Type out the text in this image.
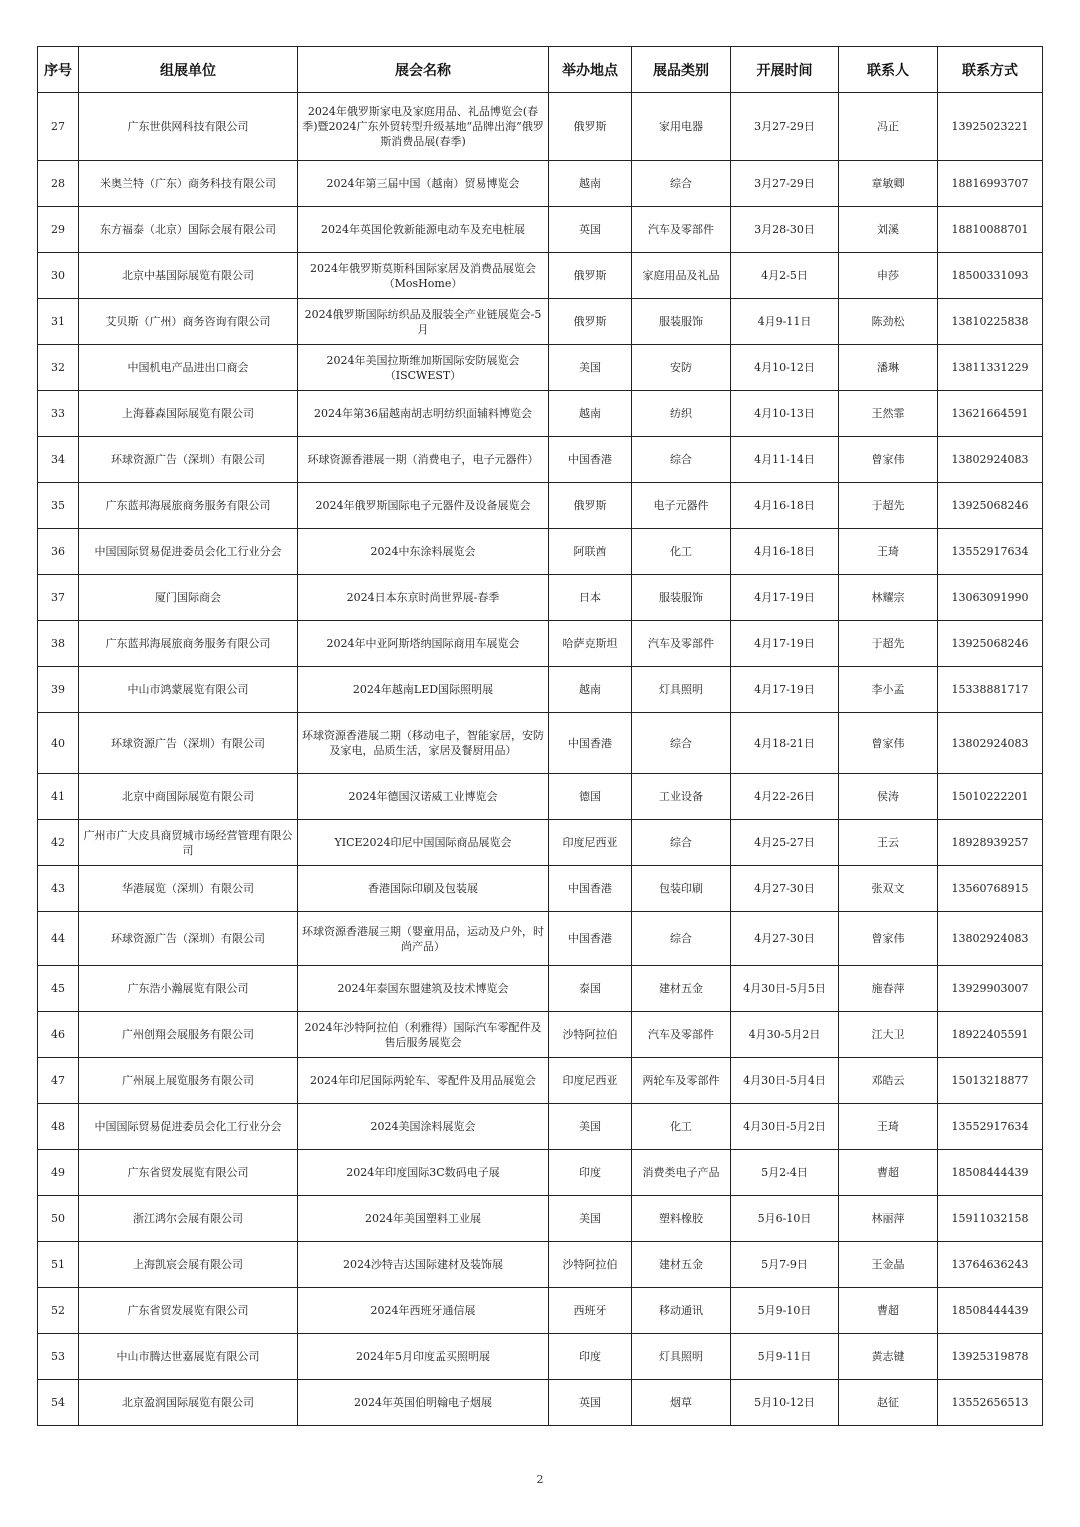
序号	组展单位	展会名称	举办地点	展品类别	开展时间	联系人	联系方式
27	广东世供网科技有限公司	2024年俄罗斯家电及家庭用品、礼品博览会(春季)暨2024广东外贸转型升级基地“品牌出海”俄罗斯消费品展(春季)	俄罗斯	家用电器	3月27-29日	冯正	13925023221
28	米奥兰特（广东）商务科技有限公司	2024年第三届中国（越南）贸易博览会	越南	综合	3月27-29日	章敏卿	18816993707
29	东方福泰（北京）国际会展有限公司	2024年英国伦敦新能源电动车及充电桩展	英国	汽车及零部件	3月28-30日	刘溪	18810088701
30	北京中基国际展览有限公司	2024年俄罗斯莫斯科国际家居及消费品展览会（MosHome）	俄罗斯	家庭用品及礼品	4月2-5日	申莎	18500331093
31	艾贝斯（广州）商务咨询有限公司	2024俄罗斯国际纺织品及服装全产业链展览会-5月	俄罗斯	服装服饰	4月9-11日	陈劲松	13810225838
32	中国机电产品进出口商会	2024年美国拉斯维加斯国际安防展览会（ISCWEST）	美国	安防	4月10-12日	潘琳	13811331229
33	上海暮森国际展览有限公司	2024年第36届越南胡志明纺织面辅料博览会	越南	纺织	4月10-13日	王然霏	13621664591
34	环球资源广告（深圳）有限公司	环球资源香港展一期（消费电子，电子元器件）	中国香港	综合	4月11-14日	曾家伟	13802924083
35	广东蓝邦海展旅商务服务有限公司	2024年俄罗斯国际电子元器件及设备展览会	俄罗斯	电子元器件	4月16-18日	于超先	13925068246
36	中国国际贸易促进委员会化工行业分会	2024中东涂料展览会	阿联酋	化工	4月16-18日	王琦	13552917634
37	厦门国际商会	2024日本东京时尚世界展-春季	日本	服装服饰	4月17-19日	林耀宗	13063091990
38	广东蓝邦海展旅商务服务有限公司	2024年中亚阿斯塔纳国际商用车展览会	哈萨克斯坦	汽车及零部件	4月17-19日	于超先	13925068246
39	中山市鸿蒙展览有限公司	2024年越南LED国际照明展	越南	灯具照明	4月17-19日	李小孟	15338881717
40	环球资源广告（深圳）有限公司	环球资源香港展二期（移动电子，智能家居，安防及家电，品质生活，家居及餐厨用品）	中国香港	综合	4月18-21日	曾家伟	13802924083
41	北京中商国际展览有限公司	2024年德国汉诺威工业博览会	德国	工业设备	4月22-26日	侯涛	15010222201
42	广州市广大皮具商贸城市场经营管理有限公司	YICE2024印尼中国国际商品展览会	印度尼西亚	综合	4月25-27日	王云	18928939257
43	华港展览（深圳）有限公司	香港国际印刷及包装展	中国香港	包装印刷	4月27-30日	张双文	13560768915
44	环球资源广告（深圳）有限公司	环球资源香港展三期（婴童用品，运动及户外，时尚产品）	中国香港	综合	4月27-30日	曾家伟	13802924083
45	广东浩小瀚展览有限公司	2024年泰国东盟建筑及技术博览会	泰国	建材五金	4月30日-5月5日	施春萍	13929903007
46	广州创翔会展服务有限公司	2024年沙特阿拉伯（利雅得）国际汽车零配件及售后服务展览会	沙特阿拉伯	汽车及零部件	4月30-5月2日	江大卫	18922405591
47	广州展上展览服务有限公司	2024年印尼国际两轮车、零配件及用品展览会	印度尼西亚	两轮车及零部件	4月30日-5月4日	邓皓云	15013218877
48	中国国际贸易促进委员会化工行业分会	2024美国涂料展览会	美国	化工	4月30日-5月2日	王琦	13552917634
49	广东省贸发展览有限公司	2024年印度国际3C数码电子展	印度	消费类电子产品	5月2-4日	曹超	18508444439
50	浙江鸿尔会展有限公司	2024年美国塑料工业展	美国	塑料橡胶	5月6-10日	林丽萍	15911032158
51	上海凯宸会展有限公司	2024沙特吉达国际建材及装饰展	沙特阿拉伯	建材五金	5月7-9日	王金晶	13764636243
52	广东省贸发展览有限公司	2024年西班牙通信展	西班牙	移动通讯	5月9-10日	曹超	18508444439
53	中山市腾达世嘉展览有限公司	2024年5月印度孟买照明展	印度	灯具照明	5月9-11日	黄志键	13925319878
54	北京盈润国际展览有限公司	2024年英国伯明翰电子烟展	英国	烟草	5月10-12日	赵征	13552656513
2
